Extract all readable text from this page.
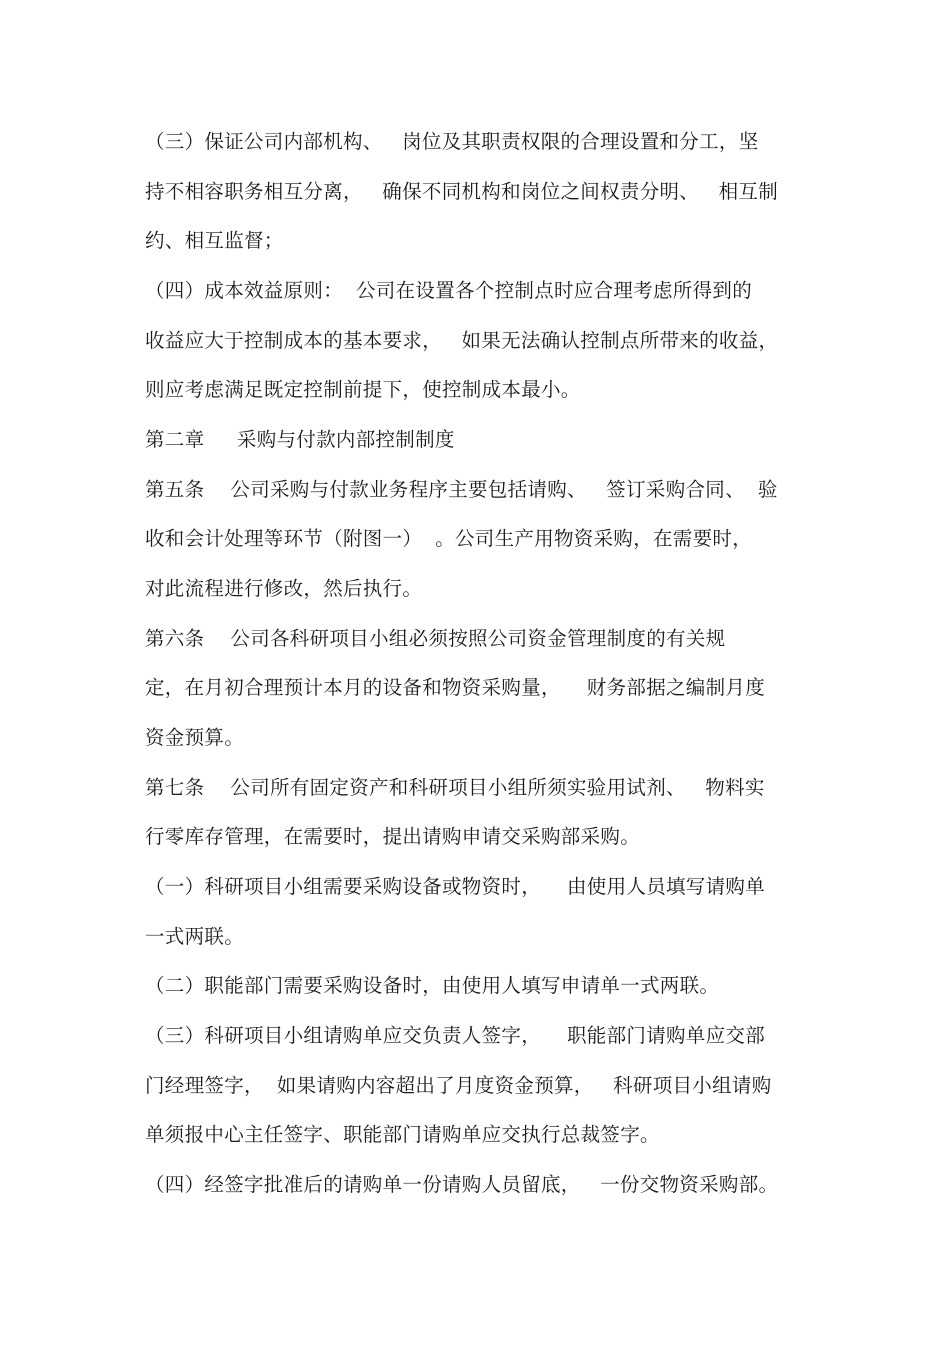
（三）保证公司内部机构、   岗位及其职责权限的合理设置和分工，坚
持不相容职务相互分离，   确保不同机构和岗位之间权责分明、   相互制
约、相互监督；
（四）成本效益原则：  公司在设置各个控制点时应合理考虑所得到的
收益应大于控制成本的基本要求，   如果无法确认控制点所带来的收益，
则应考虑满足既定控制前提下，使控制成本最小。
第二章     采购与付款内部控制制度
第五条    公司采购与付款业务程序主要包括请购、   签订采购合同、  验
收和会计处理等环节（附图一）  。公司生产用物资采购，在需要时，
对此流程进行修改，然后执行。
第六条    公司各科研项目小组必须按照公司资金管理制度的有关规
定，在月初合理预计本月的设备和物资采购量，    财务部据之编制月度
资金预算。
第七条    公司所有固定资产和科研项目小组所须实验用试剂、   物料实
行零库存管理，在需要时，提出请购申请交采购部采购。
（一）科研项目小组需要采购设备或物资时，    由使用人员填写请购单
一式两联。
（二）职能部门需要采购设备时，由使用人填写申请单一式两联。
（三）科研项目小组请购单应交负责人签字，    职能部门请购单应交部
门经理签字，  如果请购内容超出了月度资金预算，   科研项目小组请购
单须报中心主任签字、职能部门请购单应交执行总裁签字。
（四）经签字批准后的请购单一份请购人员留底，   一份交物资采购部。
